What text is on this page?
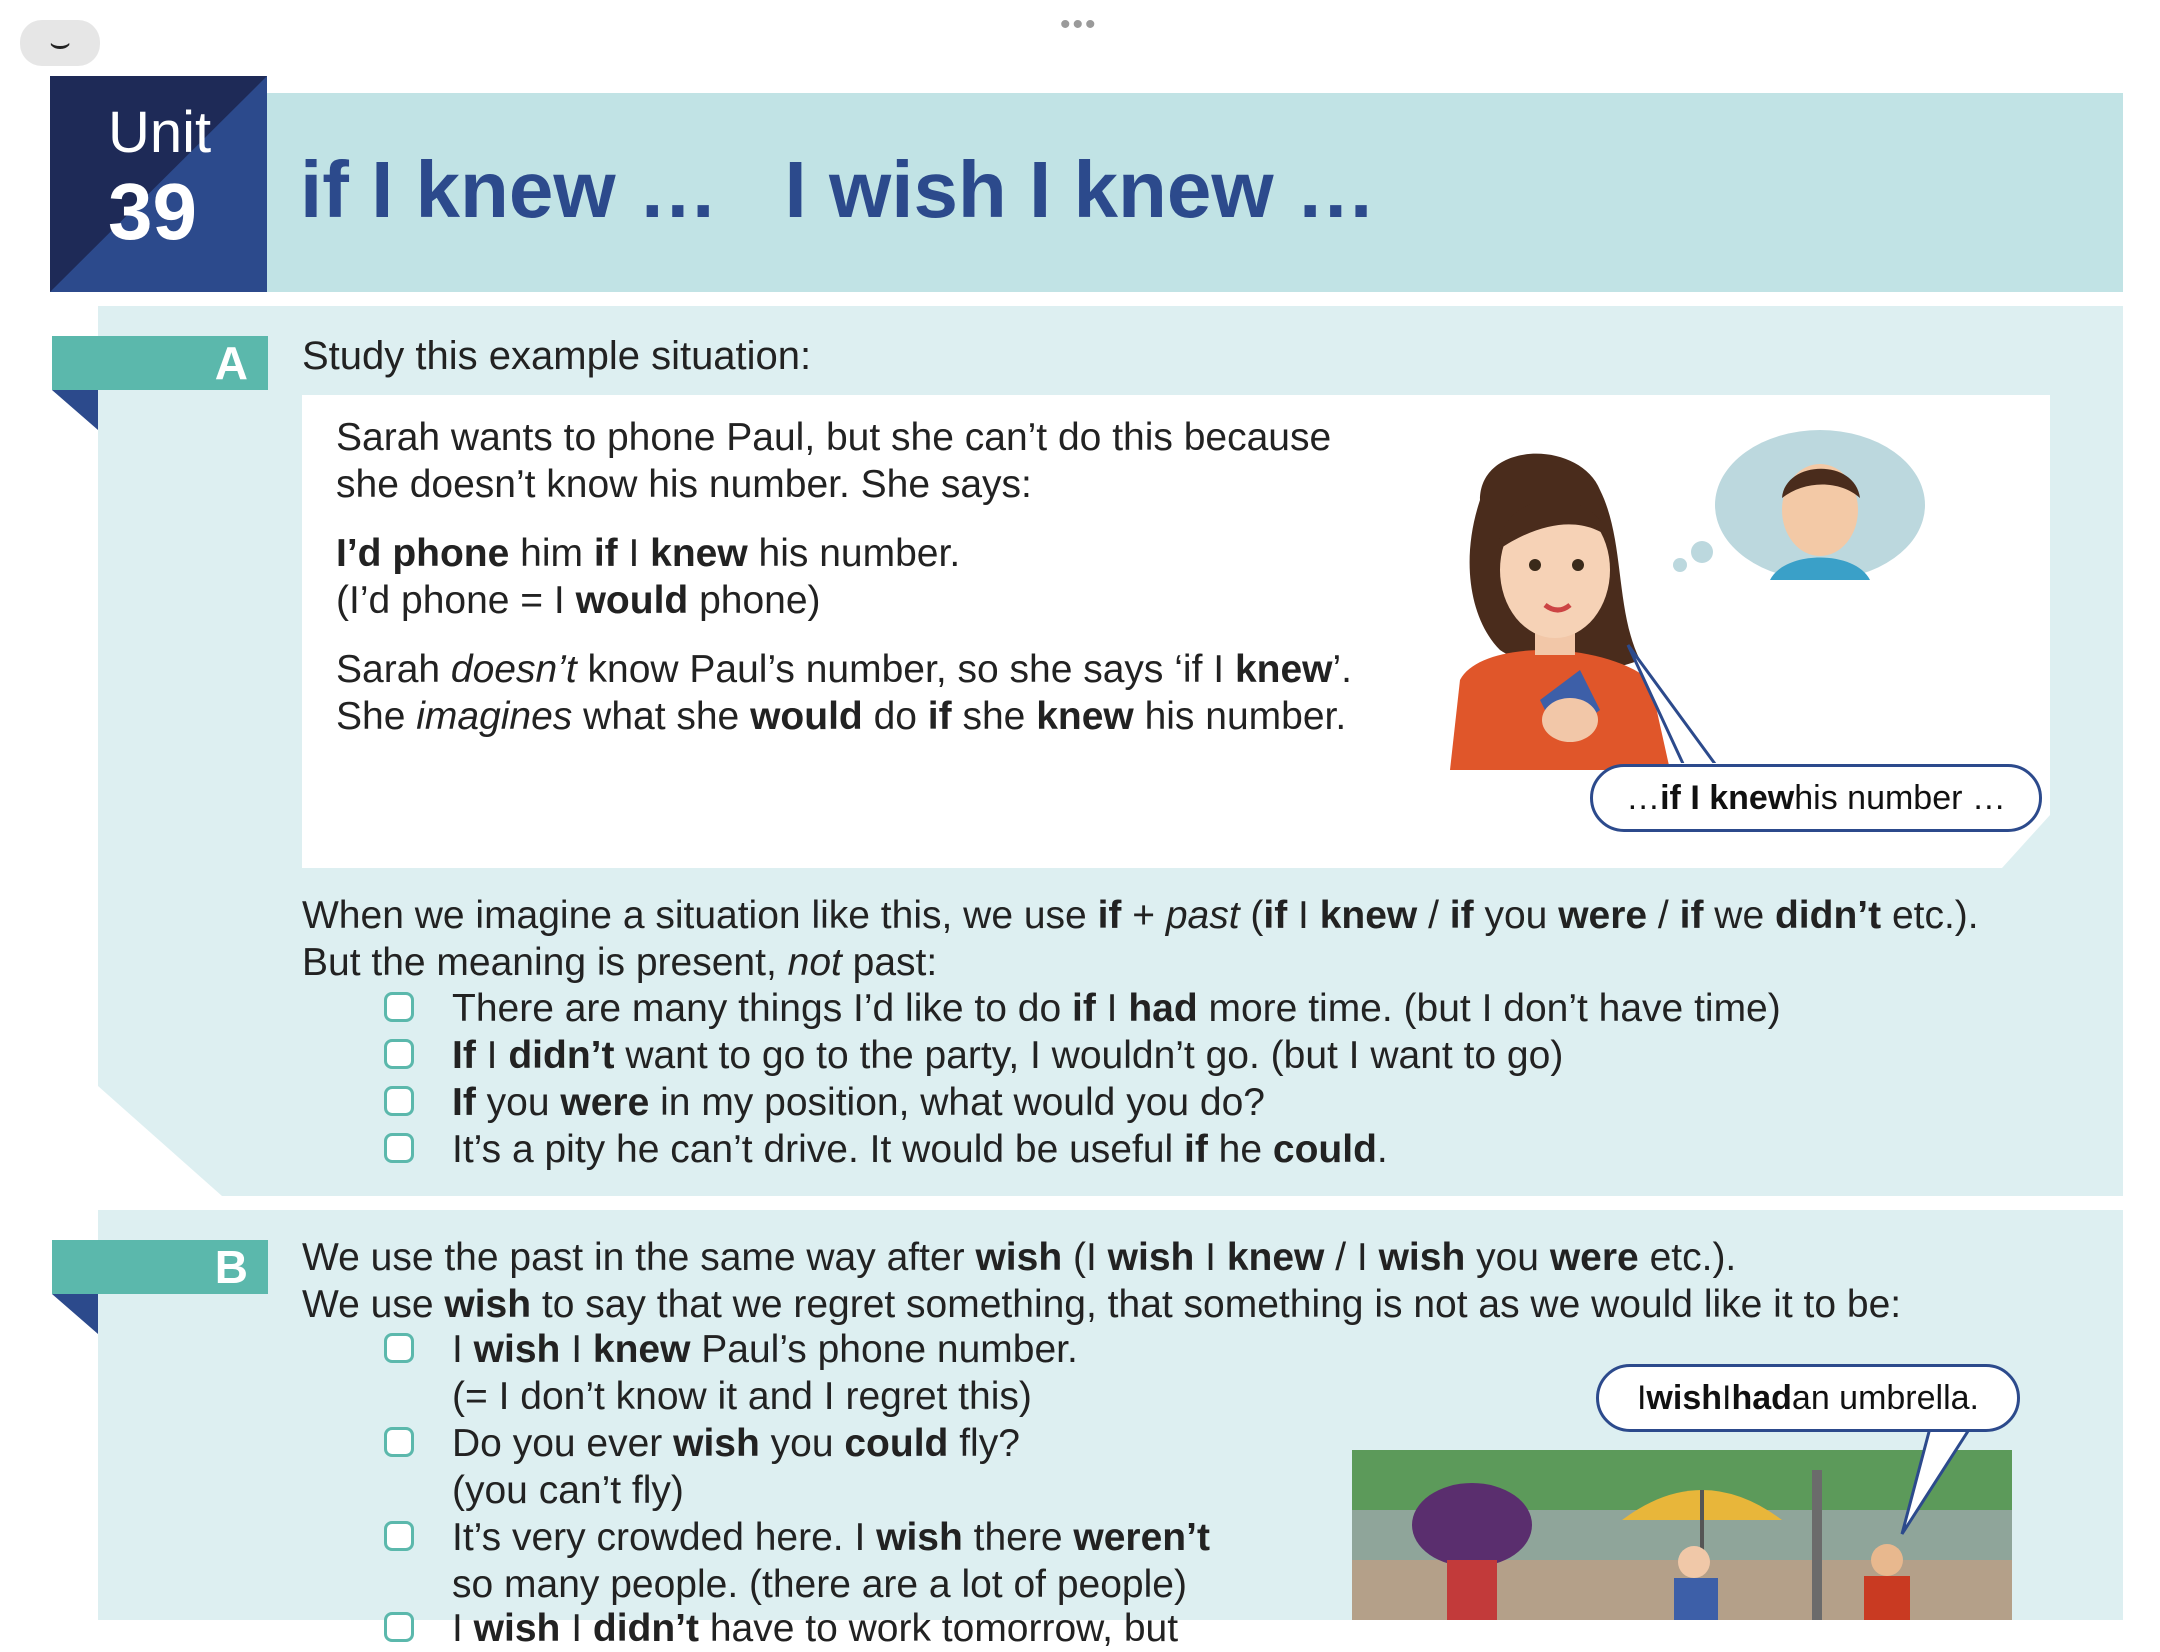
⌣	•••
Unit
39 if I knew …   I wish I knew …
A	Study this example situation:
Sarah wants to phone Paul, but she can’t do this because
she doesn’t know his number. She says:
I’d phone him if I knew his number.
(I’d phone = I would phone)
Sarah doesn’t know Paul’s number, so she says ‘if I knew’.
She imagines what she would do if she knew his number.
… if I knew his number …
When we imagine a situation like this, we use if + past (if I knew / if you were / if we didn’t etc.).
But the meaning is present, not past:
There are many things I’d like to do if I had more time. (but I don’t have time)
If I didn’t want to go to the party, I wouldn’t go. (but I want to go)
If you were in my position, what would you do?
It’s a pity he can’t drive. It would be useful if he could.
B	We use the past in the same way after wish (I wish I knew / I wish you were etc.).
We use wish to say that we regret something, that something is not as we would like it to be:
I wish I knew Paul’s phone number.
(= I don’t know it and I regret this)
Do you ever wish you could fly?
(you can’t fly)
It’s very crowded here. I wish there weren’t
so many people. (there are a lot of people)
I wish I didn’t have to work tomorrow, but
I wish I had an umbrella.
